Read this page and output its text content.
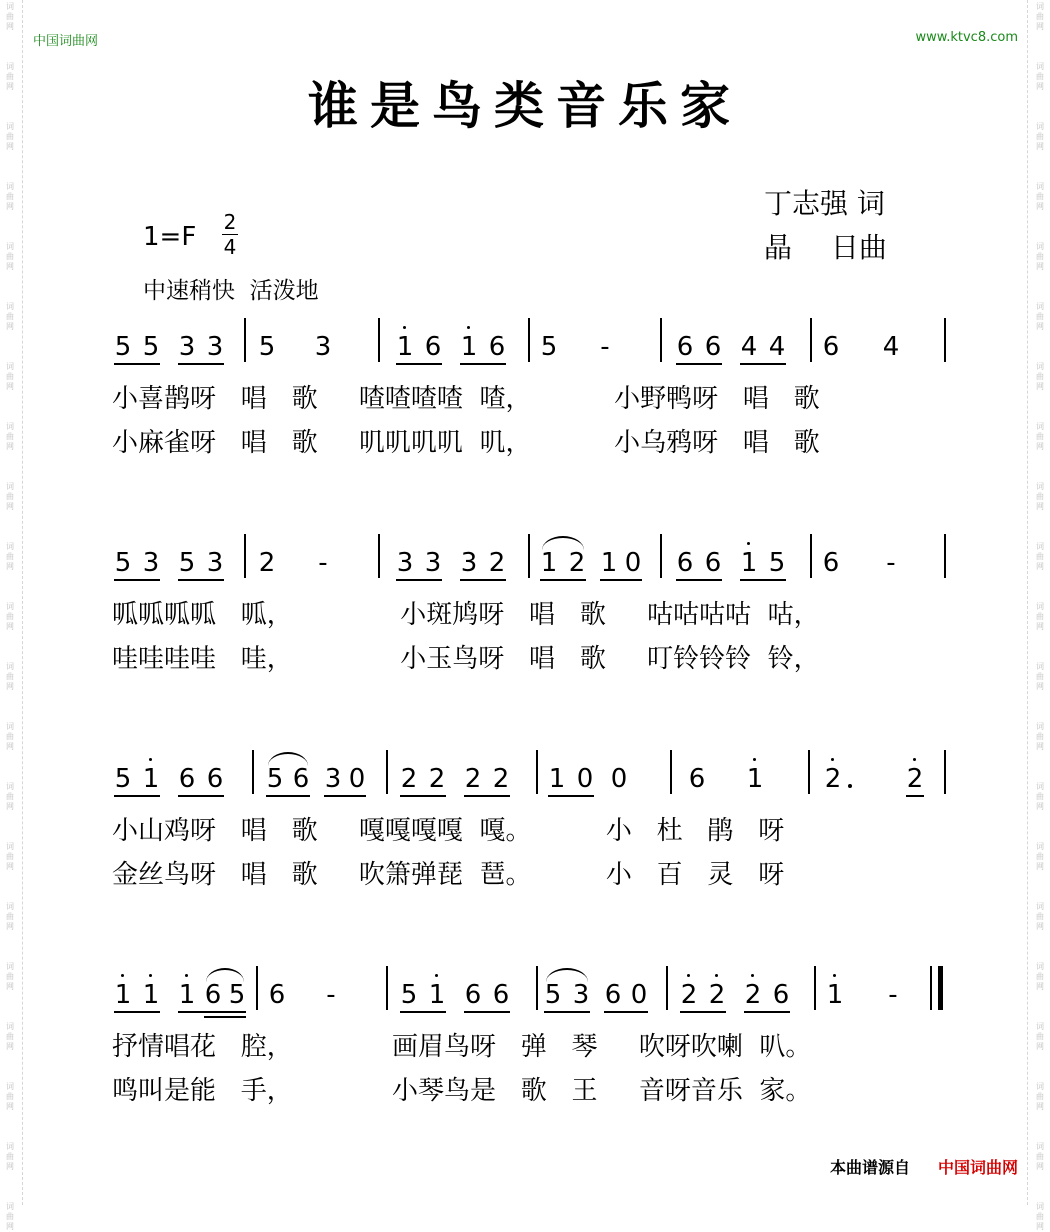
词
曲
网
词
曲
网
词
曲
网
词
曲
网
词
曲
网
词
曲
网
词
曲
网
词
曲
网
词
曲
网
词
曲
网
词
曲
网
词
曲
网
词
曲
网
词
曲
网
词
曲
网
词
曲
网
词
曲
网
词
曲
网
词
曲
网
词
曲
网
词
曲
网
词
曲
网
词
曲
网
词
曲
网
词
曲
网
词
曲
网
词
曲
网
词
曲
网
词
曲
网
词
曲
网
词
曲
网
词
曲
网
词
曲
网
词
曲
网
词
曲
网
词
曲
网
词
曲
网
词
曲
网
词
曲
网
词
曲
网
词
曲
网
词
曲
网
中国词曲网	www.ktvc8.com
谁是鸟类音乐家
丁志强 词
晶 日曲
1=F 2
4
中速稍快  活泼地
5 5 3 3 5 3	1 6 1 6 5 -	6 6 4 4 6 4
小喜鹊呀   唱   歌     喳喳喳喳  喳，          小野鸭呀   唱   歌
小麻雀呀   唱   歌     叽叽叽叽  叽，          小乌鸦呀   唱   歌
5 3 5 3 2 -	3 3 3 2 1 2 1 0 6 6 1 5 6 -
呱呱呱呱   呱，             小斑鸠呀   唱   歌     咕咕咕咕  咕，
哇哇哇哇   哇，             小玉鸟呀   唱   歌     叮铃铃铃  铃，
5 1 6 6 5 6 3 0 2 2 2 2 1 0 0 6 1 2	2
小山鸡呀   唱   歌     嘎嘎嘎嘎  嘎。         小   杜   鹃   呀
金丝鸟呀   唱   歌     吹箫弹琵  琶。         小   百   灵   呀
1 1 1 6 5 6 -	5 1 6 6 5 3 6 0 2 2 2 6 1 -
抒情唱花   腔，            画眉鸟呀   弹   琴     吹呀吹喇  叭。
鸣叫是能   手，            小琴鸟是   歌   王     音呀音乐  家。
本曲谱源自 中国词曲网
